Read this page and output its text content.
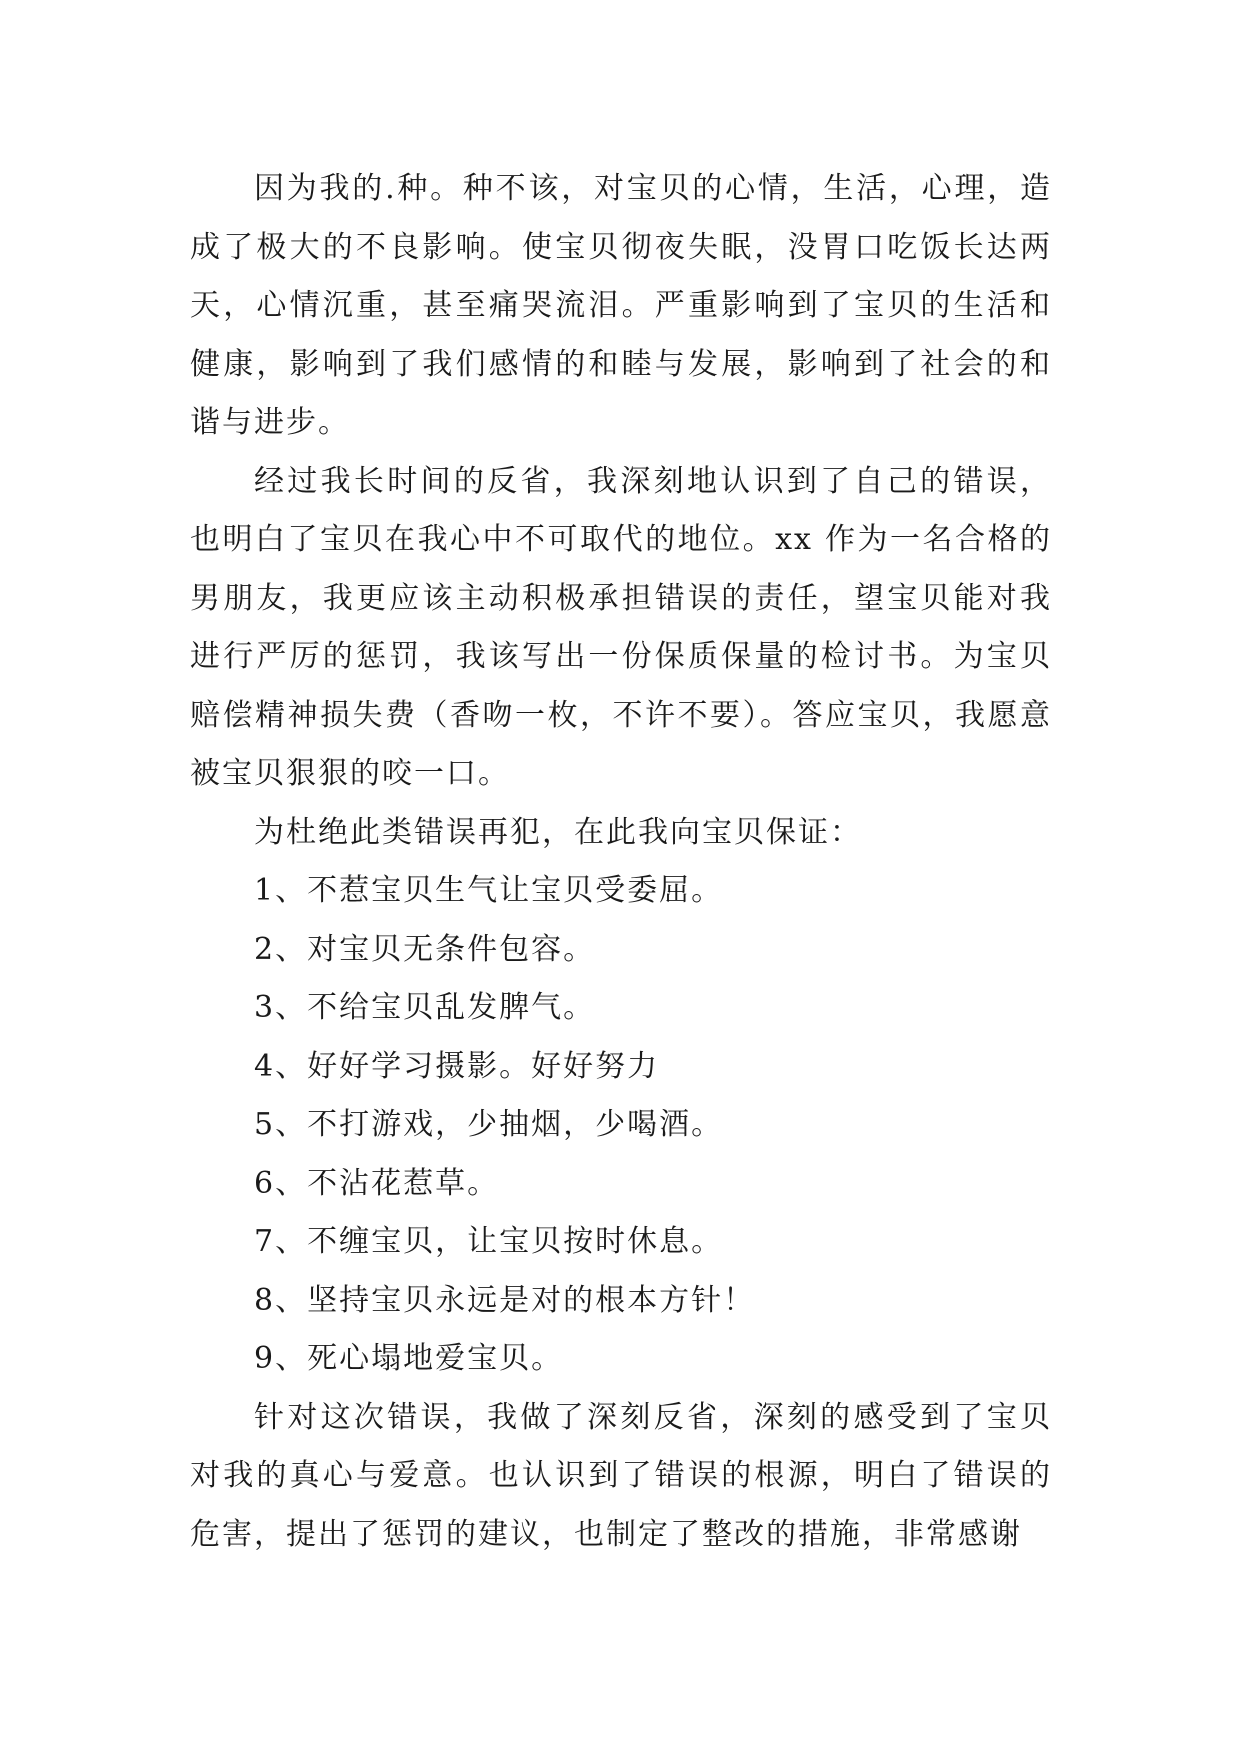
因为我的.种。种不该，对宝贝的心情，生活，心理，造成了极大的不良影响。使宝贝彻夜失眠，没胃口吃饭长达两天，心情沉重，甚至痛哭流泪。严重影响到了宝贝的生活和健康，影响到了我们感情的和睦与发展，影响到了社会的和谐与进步。

经过我长时间的反省，我深刻地认识到了自己的错误，也明白了宝贝在我心中不可取代的地位。xx 作为一名合格的男朋友，我更应该主动积极承担错误的责任，望宝贝能对我进行严厉的惩罚，我该写出一份保质保量的检讨书。为宝贝赔偿精神损失费（香吻一枚，不许不要）。答应宝贝，我愿意被宝贝狠狠的咬一口。

为杜绝此类错误再犯，在此我向宝贝保证：

1、不惹宝贝生气让宝贝受委屈。

2、对宝贝无条件包容。

3、不给宝贝乱发脾气。

4、好好学习摄影。好好努力

5、不打游戏，少抽烟，少喝酒。

6、不沾花惹草。

7、不缠宝贝，让宝贝按时休息。

8、坚持宝贝永远是对的根本方针！

9、死心塌地爱宝贝。

针对这次错误，我做了深刻反省，深刻的感受到了宝贝对我的真心与爱意。也认识到了错误的根源，明白了错误的危害，提出了惩罚的建议，也制定了整改的措施，非常感谢
